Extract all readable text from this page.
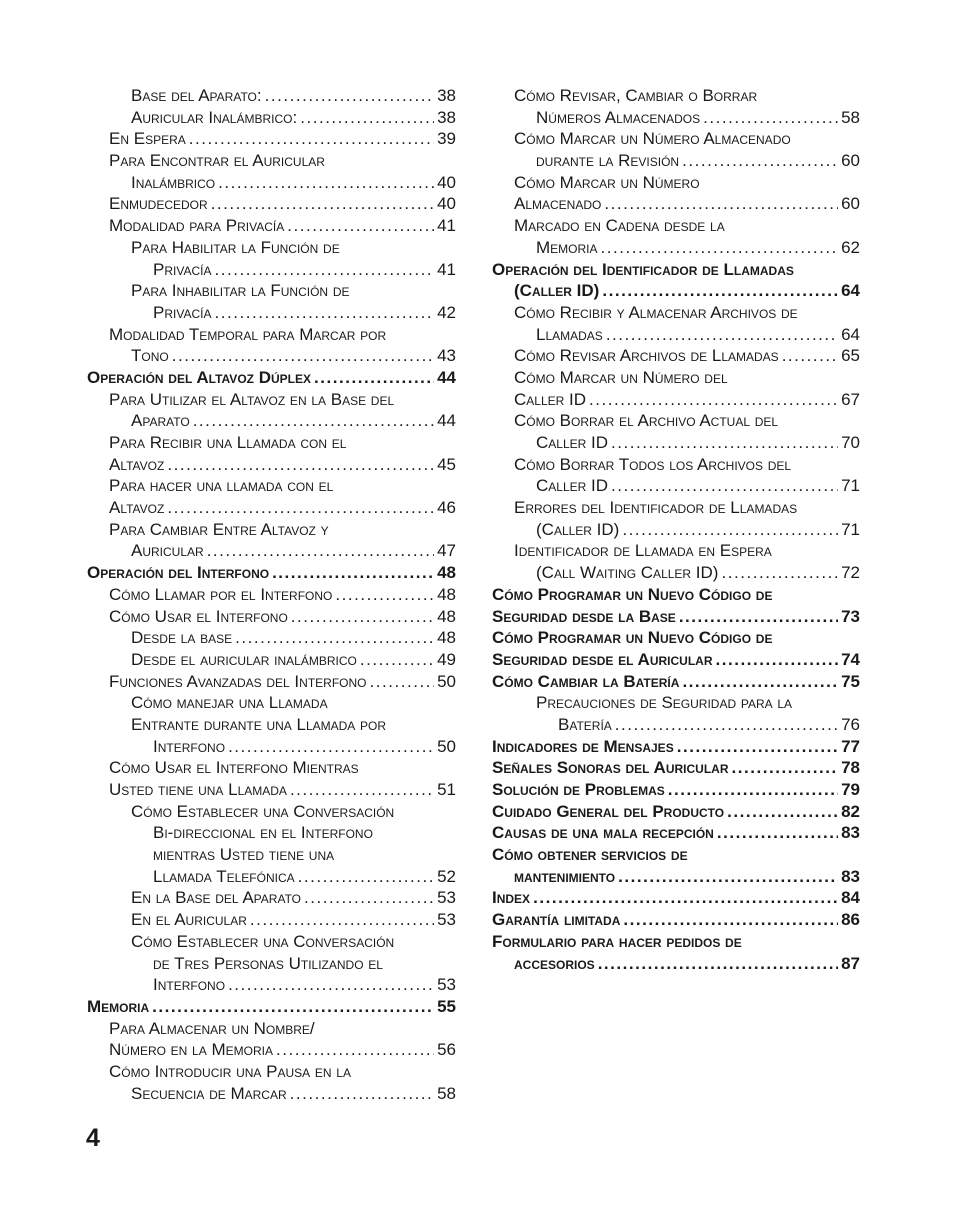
Base del Aparato: . . .	38
Auricular Inalámbrico: . . .	38
En Espera . . .	39
Para Encontrar el Auricular
Inalámbrico . . .	40
Enmudecedor . . .	40
Modalidad para Privacía . . .	41
Para Habilitar la Función de
Privacía . . .	41
Para Inhabilitar la Función de
Privacía . . .	42
Modalidad Temporal para Marcar por
Tono . . .	43
Operación del Altavoz Dúplex . . .	44
Para Utilizar el Altavoz en la Base del
Aparato . . .	44
Para Recibir una Llamada con el
Altavoz . . .	45
Para hacer una llamada con el
Altavoz . . .	46
Para Cambiar Entre Altavoz y
Auricular . . .	47
Operación del Interfono . . .	48
Cómo Llamar por el Interfono . . .	48
Cómo Usar el Interfono . . .	48
Desde la base . . .	48
Desde el auricular inalámbrico . . .	49
Funciones Avanzadas del Interfono . . .	50
Cómo manejar una Llamada
Entrante durante una Llamada por
Interfono . . .	50
Cómo Usar el Interfono Mientras
Usted tiene una Llamada . . .	51
Cómo Establecer una Conversación
Bi-direccional en el Interfono
mientras Usted tiene una
Llamada Telefónica . . .	52
En la Base del Aparato . . .	53
En el Auricular . . .	53
Cómo Establecer una Conversación
de Tres Personas Utilizando el
Interfono . . .	53
Memoria . . .	55
Para Almacenar un Nombre/
Número en la Memoria . . .	56
Cómo Introducir una Pausa en la
Secuencia de Marcar . . .	58
Cómo Revisar, Cambiar o Borrar
Números Almacenados . . .	58
Cómo Marcar un Número Almacenado
durante la Revisión . . .	60
Cómo Marcar un Número
Almacenado . . .	60
Marcado en Cadena desde la
Memoria . . .	62
Operación del Identificador de Llamadas
(Caller ID) . . .	64
Cómo Recibir y Almacenar Archivos de
Llamadas . . .	64
Cómo Revisar Archivos de Llamadas . . .	65
Cómo Marcar un Número del
Caller ID . . .	67
Cómo Borrar el Archivo Actual del
Caller ID . . .	70
Cómo Borrar Todos los Archivos del
Caller ID . . .	71
Errores del Identificador de Llamadas
(Caller ID) . . .	71
Identificador de Llamada en Espera
(Call Waiting Caller ID) . . .	72
Cómo Programar un Nuevo Código de
Seguridad desde la Base . . .	73
Cómo Programar un Nuevo Código de
Seguridad desde el Auricular . . .	74
Cómo Cambiar la Batería . . .	75
Precauciones de Seguridad para la
Batería . . .	76
Indicadores de Mensajes . . .	77
Señales Sonoras del Auricular . . .	78
Solución de Problemas . . .	79
Cuidado General del Producto . . .	82
Causas de una mala recepción . . .	83
Cómo obtener servicios de
mantenimiento . . .	83
Index . . .	84
Garantía limitada . . .	86
Formulario para hacer pedidos de
accesorios . . .	87
4
